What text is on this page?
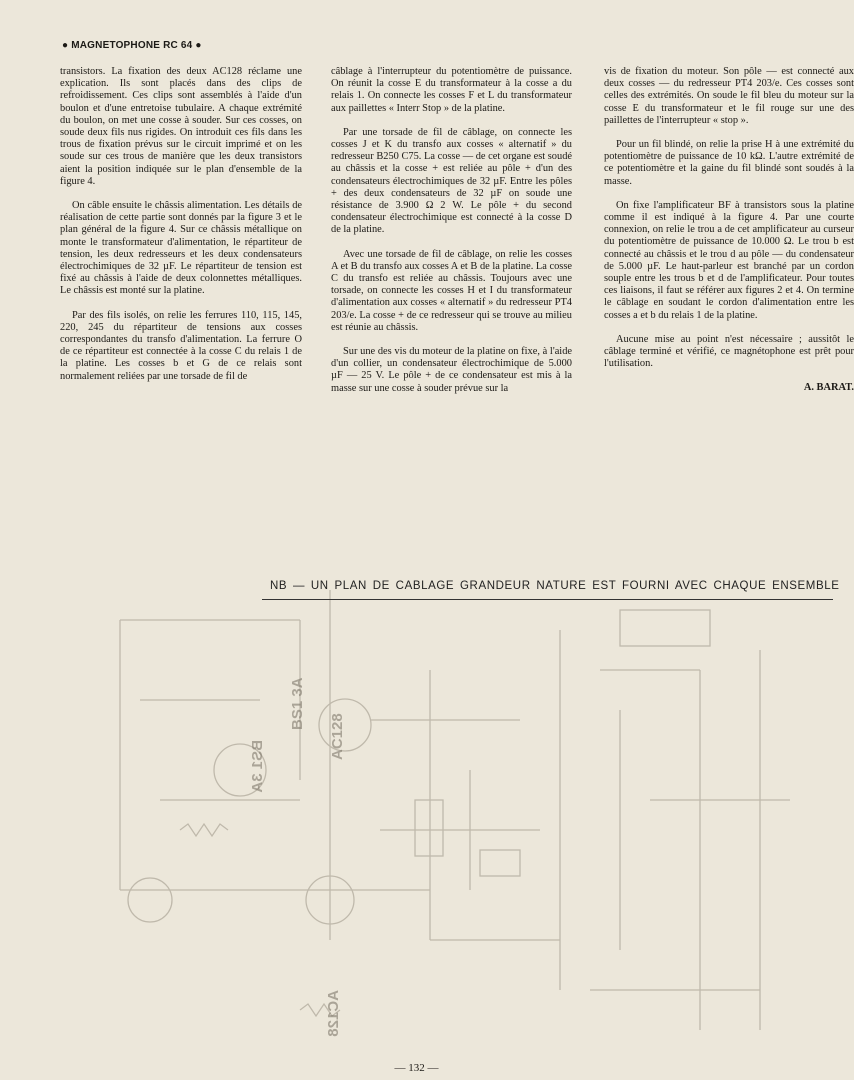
BS1 3A
BS1 3A
AC128
AC128
● MAGNETOPHONE RC 64 ●

transistors. La fixation des deux AC128 réclame une explication. Ils sont placés dans des clips de refroidissement. Ces clips sont assemblés à l'aide d'un boulon et d'une entretoise tubulaire. A chaque extrémité du boulon, on met une cosse à souder. Sur ces cosses, on soude deux fils nus rigides. On introduit ces fils dans les trous de fixation prévus sur le circuit imprimé et on les soude sur ces trous de manière que les deux transistors aient la position indiquée sur le plan d'ensemble de la figure 4.

On câble ensuite le châssis alimentation. Les détails de réalisation de cette partie sont donnés par la figure 3 et le plan général de la figure 4. Sur ce châssis métallique on monte le transformateur d'alimentation, le répartiteur de tension, les deux redresseurs et les deux condensateurs électrochimiques de 32 µF. Le répartiteur de tension est fixé au châssis à l'aide de deux colonnettes métalliques. Le châssis est monté sur la platine.

Par des fils isolés, on relie les ferrures 110, 115, 145, 220, 245 du répartiteur de tensions aux cosses correspondantes du transfo d'alimentation. La ferrure O de ce répartiteur est connectée à la cosse C du relais 1 de la platine. Les cosses b et G de ce relais sont normalement reliées par une torsade de fil de

câblage à l'interrupteur du potentiomètre de puissance. On réunit la cosse E du transformateur à la cosse a du relais 1. On connecte les cosses F et L du transformateur aux paillettes « Interr Stop » de la platine.

Par une torsade de fil de câblage, on connecte les cosses J et K du transfo aux cosses « alternatif » du redresseur B250 C75. La cosse — de cet organe est soudé au châssis et la cosse + est reliée au pôle + d'un des condensateurs électrochimiques de 32 µF. Entre les pôles + des deux condensateurs de 32 µF on soude une résistance de 3.900 Ω 2 W. Le pôle + du second condensateur électrochimique est connecté à la cosse D de la platine.

Avec une torsade de fil de câblage, on relie les cosses A et B du transfo aux cosses A et B de la platine. La cosse C du transfo est reliée au châssis. Toujours avec une torsade, on connecte les cosses H et I du transformateur d'alimentation aux cosses « alternatif » du redresseur PT4 203/e. La cosse + de ce redresseur qui se trouve au milieu est réunie au châssis.

Sur une des vis du moteur de la platine on fixe, à l'aide d'un collier, un condensateur électrochimique de 5.000 µF — 25 V. Le pôle + de ce condensateur est mis à la masse sur une cosse à souder prévue sur la

vis de fixation du moteur. Son pôle — est connecté aux deux cosses — du redresseur PT4 203/e. Ces cosses sont celles des extrémités. On soude le fil bleu du moteur sur la cosse E du transformateur et le fil rouge sur une des paillettes de l'interrupteur « stop ».

Pour un fil blindé, on relie la prise H à une extrémité du potentiomètre de puissance de 10 kΩ. L'autre extrémité de ce potentiomètre et la gaine du fil blindé sont soudés à la masse.

On fixe l'amplificateur BF à transistors sous la platine comme il est indiqué à la figure 4. Par une courte connexion, on relie le trou a de cet amplificateur au curseur du potentiomètre de puissance de 10.000 Ω. Le trou b est connecté au châssis et le trou d au pôle — du condensateur de 5.000 µF. Le haut-parleur est branché par un cordon souple entre les trous b et d de l'amplificateur. Pour toutes ces liaisons, il faut se référer aux figures 2 et 4. On termine le câblage en soudant le cordon d'alimentation entre les cosses a et b du relais 1 de la platine.

Aucune mise au point n'est nécessaire ; aussitôt le câblage terminé et vérifié, ce magnétophone est prêt pour l'utilisation.

A. BARAT.
NB — UN PLAN DE CABLAGE GRANDEUR NATURE EST FOURNI AVEC CHAQUE ENSEMBLE
— 132 —
